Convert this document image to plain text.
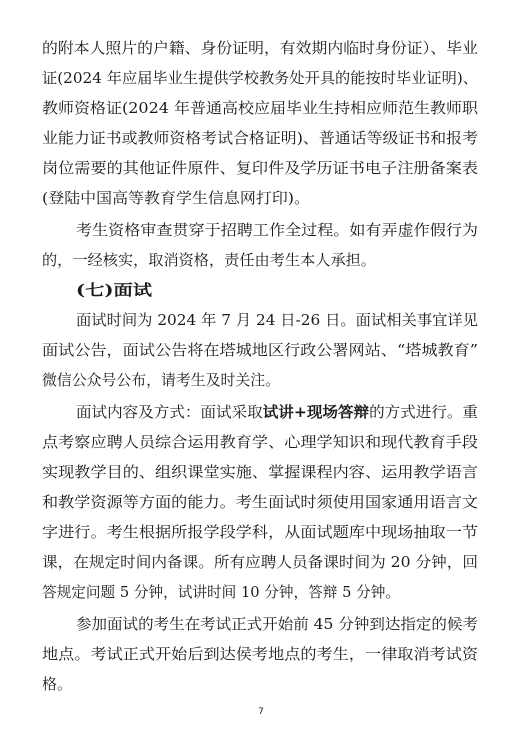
的附本人照片的户籍、身份证明，有效期内临时身份证）、毕业
证(2024 年应届毕业生提供学校教务处开具的能按时毕业证明)、
教师资格证(2024 年普通高校应届毕业生持相应师范生教师职
业能力证书或教师资格考试合格证明)、普通话等级证书和报考
岗位需要的其他证件原件、复印件及学历证书电子注册备案表
(登陆中国高等教育学生信息网打印)。
考生资格审查贯穿于招聘工作全过程。如有弄虚作假行为
的，一经核实，取消资格，责任由考生本人承担。
(七)面试
面试时间为 2024 年 7 月 24 日-26 日。面试相关事宜详见
面试公告，面试公告将在塔城地区行政公署网站、“塔城教育”
微信公众号公布，请考生及时关注。
面试内容及方式：面试采取试讲+现场答辩的方式进行。重
点考察应聘人员综合运用教育学、心理学知识和现代教育手段
实现教学目的、组织课堂实施、掌握课程内容、运用教学语言
和教学资源等方面的能力。考生面试时须使用国家通用语言文
字进行。考生根据所报学段学科，从面试题库中现场抽取一节
课，在规定时间内备课。所有应聘人员备课时间为 20 分钟，回
答规定问题 5 分钟，试讲时间 10 分钟，答辩 5 分钟。
参加面试的考生在考试正式开始前 45 分钟到达指定的候考
地点。考试正式开始后到达侯考地点的考生，一律取消考试资
格。
7
